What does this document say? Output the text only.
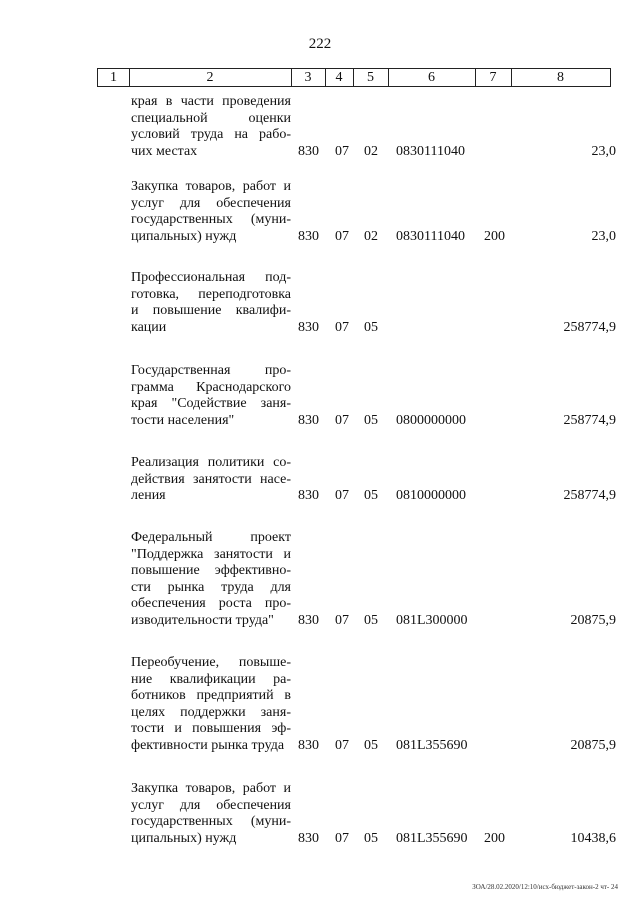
222
1	2	3	4	5	6	7	8
края в части проведения
специальной оценки
условий труда на рабо-
чих местах	830 07 02 0830111040	23,0
Закупка товаров, работ и
услуг для обеспечения
государственных (муни-
ципальных) нужд	830 07 02 0830111040 200	23,0
Профессиональная под-
готовка, переподготовка
и повышение квалифи-
кации	830 07 05	258774,9
Государственная про-
грамма Краснодарского
края "Содействие заня-
тости населения"	830 07 05 0800000000	258774,9
Реализация политики со-
действия занятости насе-
ления	830 07 05 0810000000	258774,9
Федеральный проект
"Поддержка занятости и
повышение эффективно-
сти рынка труда для
обеспечения роста про-
изводительности труда"	830 07 05 081L300000	20875,9
Переобучение, повыше-
ние квалификации ра-
ботников предприятий в
целях поддержки заня-
тости и повышения эф-
фективности рынка труда 830 07 05 081L355690	20875,9
Закупка товаров, работ и
услуг для обеспечения
государственных (муни-
ципальных) нужд	830 07 05 081L355690 200	10438,6
ЗОА/28.02.2020/12:10/исх-бюджет-закон-2 чт- 24
